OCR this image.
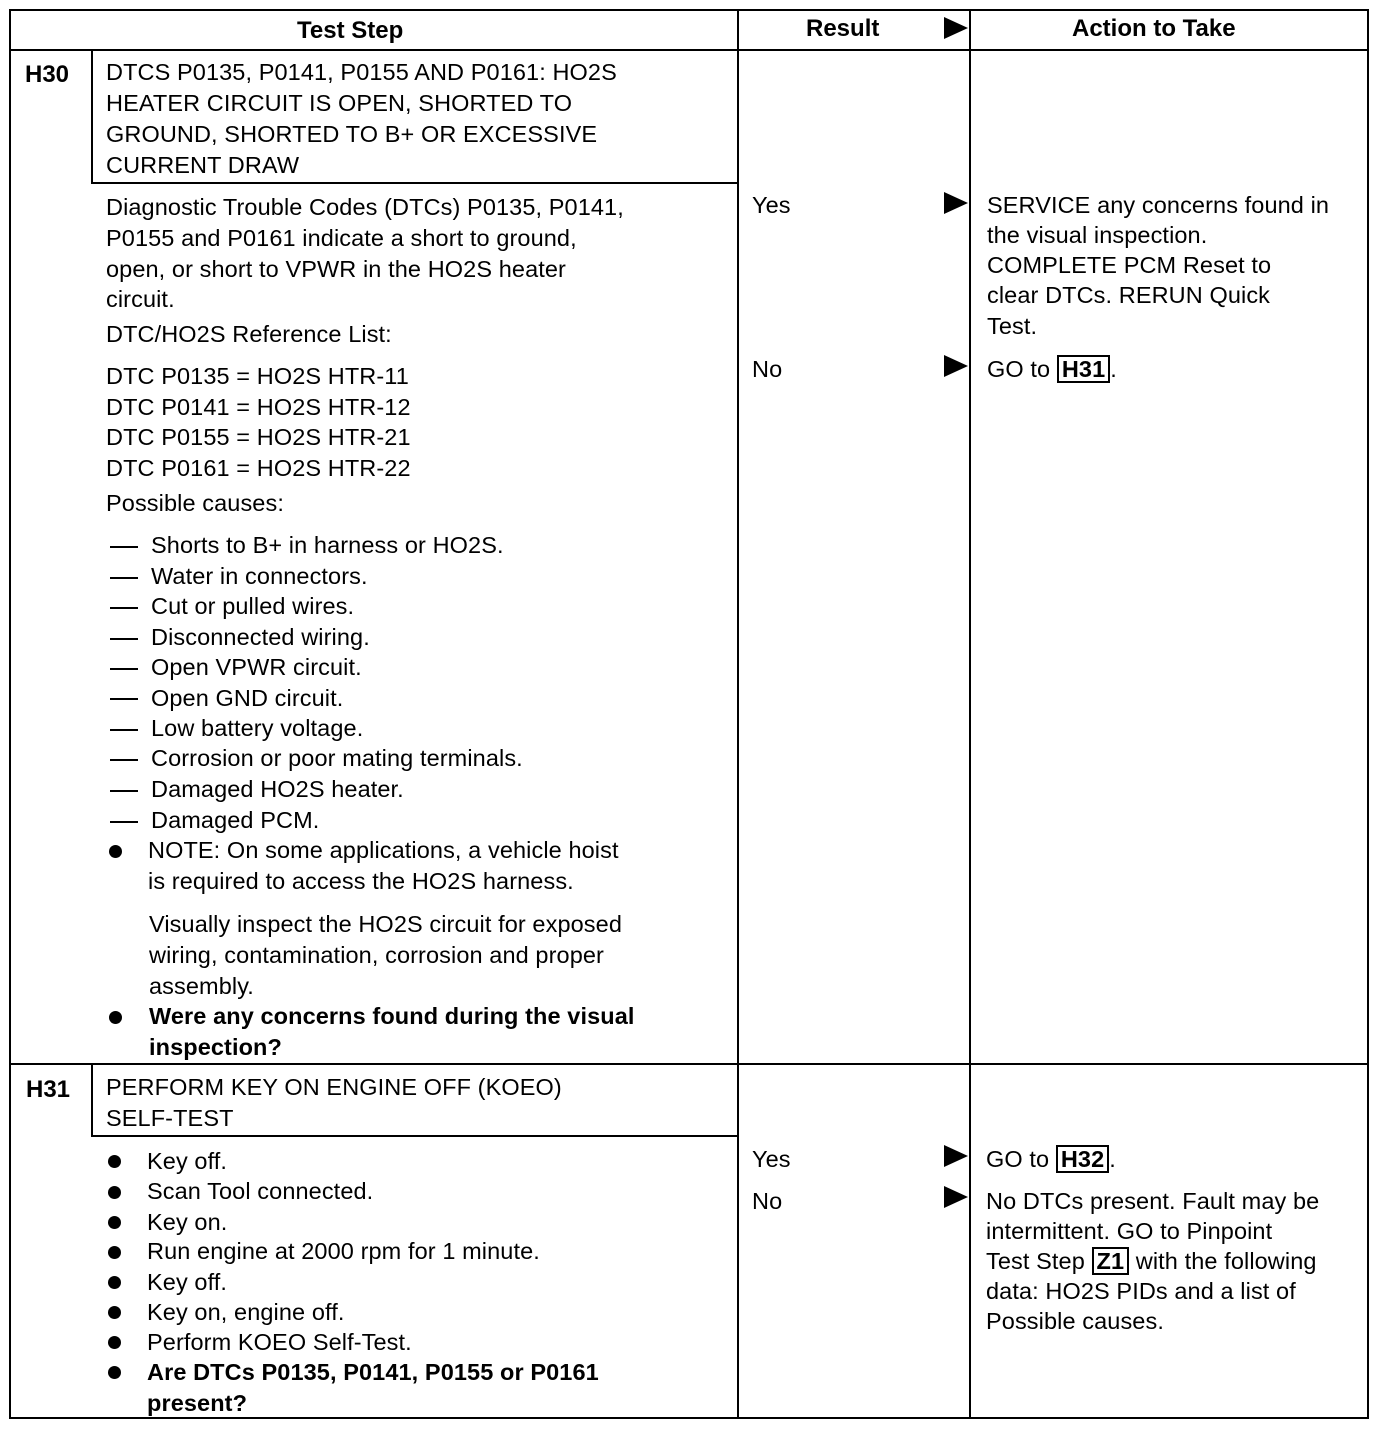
Test Step	Result	Action to Take
H30 DTCS P0135, P0141, P0155 AND P0161: HO2S
HEATER CIRCUIT IS OPEN, SHORTED TO
GROUND, SHORTED TO B+ OR EXCESSIVE
CURRENT DRAW
Diagnostic Trouble Codes (DTCs) P0135, P0141,
P0155 and P0161 indicate a short to ground,
open, or short to VPWR in the HO2S heater
circuit.
DTC/HO2S Reference List:
DTC P0135 = HO2S HTR-11
DTC P0141 = HO2S HTR-12
DTC P0155 = HO2S HTR-21
DTC P0161 = HO2S HTR-22
Possible causes:
Shorts to B+ in harness or HO2S.
Water in connectors.
Cut or pulled wires.
Disconnected wiring.
Open VPWR circuit.
Open GND circuit.
Low battery voltage.
Corrosion or poor mating terminals.
Damaged HO2S heater.
Damaged PCM.
NOTE: On some applications, a vehicle hoist
is required to access the HO2S harness.
Visually inspect the HO2S circuit for exposed
wiring, contamination, corrosion and proper
assembly.
Were any concerns found during the visual
inspection?
Yes
No
SERVICE any concerns found in
the visual inspection.
COMPLETE PCM Reset to
clear DTCs. RERUN Quick
Test.
GO to H31 .
H31 PERFORM KEY ON ENGINE OFF (KOEO)
SELF-TEST
Key off.
Scan Tool connected.
Key on.
Run engine at 2000 rpm for 1 minute.
Key off.
Key on, engine off.
Perform KOEO Self-Test.
Are DTCs P0135, P0141, P0155 or P0161
present?
Yes
No
GO to H32 .
No DTCs present. Fault may be
intermittent. GO to Pinpoint
Test Step Z1 with the following
data: HO2S PIDs and a list of
Possible causes.
